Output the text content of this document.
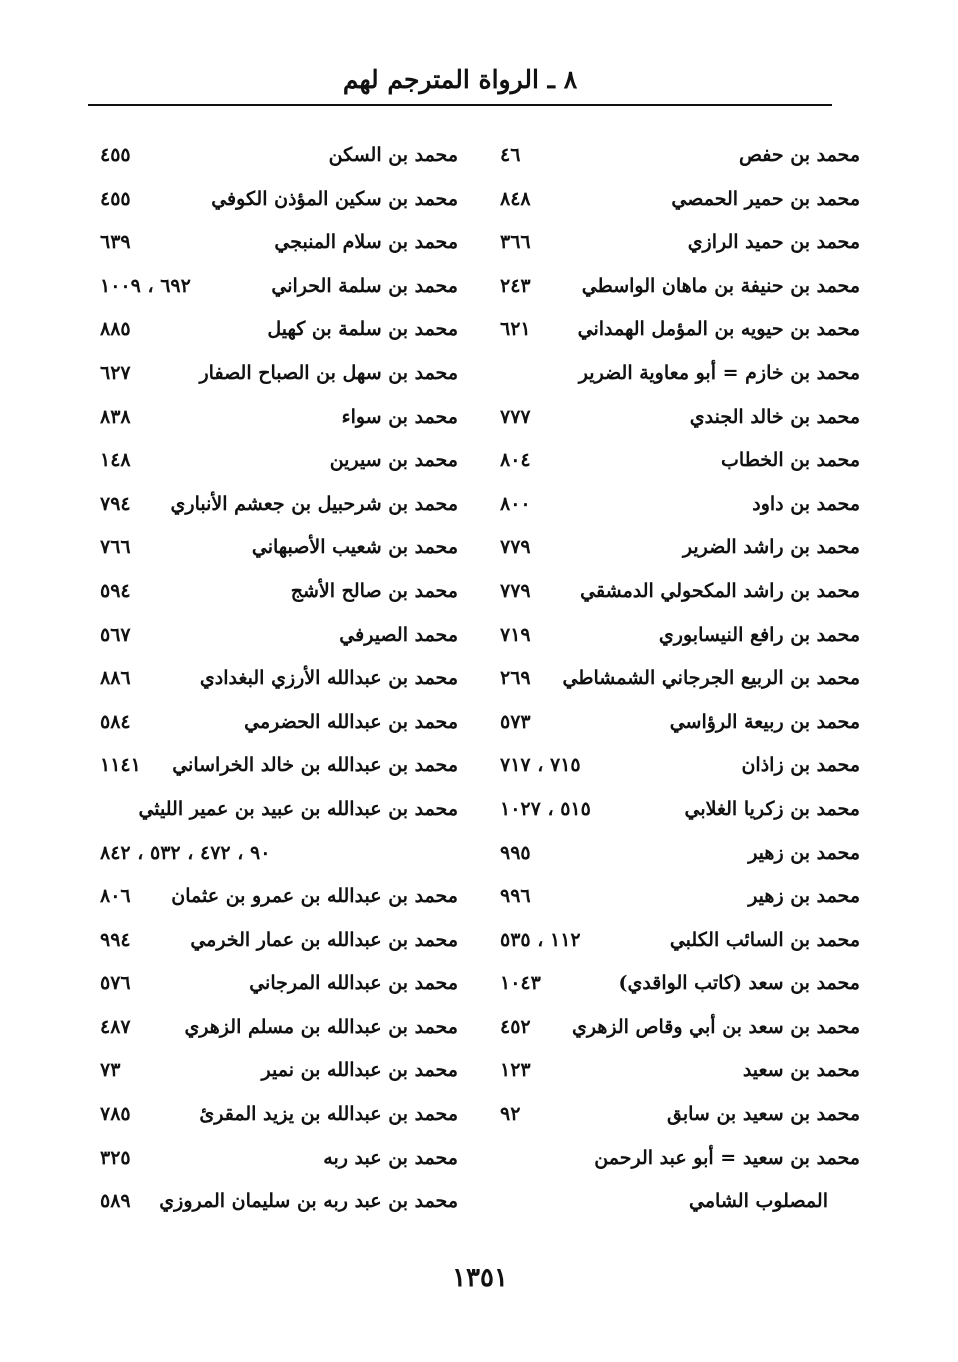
٨ ـ الرواة المترجم لهم
محمد بن حفص
٤٦
محمد بن حمير الحمصي
٨٤٨
محمد بن حميد الرازي
٣٦٦
محمد بن حنيفة بن ماهان الواسطي
٢٤٣
محمد بن حيويه بن المؤمل الهمداني
٦٢١
محمد بن خازم = أبو معاوية الضرير
محمد بن خالد الجندي
٧٧٧
محمد بن الخطاب
٨٠٤
محمد بن داود
٨٠٠
محمد بن راشد الضرير
٧٧٩
محمد بن راشد المكحولي الدمشقي
٧٧٩
محمد بن رافع النيسابوري
٧١٩
محمد بن الربيع الجرجاني الشمشاطي
٢٦٩
محمد بن ربيعة الرؤاسي
٥٧٣
محمد بن زاذان
٧١٥ ، ٧١٧
محمد بن زكريا الغلابي
٥١٥ ، ١٠٢٧
محمد بن زهير
٩٩٥
محمد بن زهير
٩٩٦
محمد بن السائب الكلبي
١١٢ ، ٥٣٥
محمد بن سعد (كاتب الواقدي)
١٠٤٣
محمد بن سعد بن أبي وقاص الزهري
٤٥٢
محمد بن سعيد
١٢٣
محمد بن سعيد بن سابق
٩٢
محمد بن سعيد = أبو عبد الرحمن
المصلوب الشامي
محمد بن السكن
٤٥٥
محمد بن سكين المؤذن الكوفي
٤٥٥
محمد بن سلام المنبجي
٦٣٩
محمد بن سلمة الحراني
٦٩٢ ، ١٠٠٩
محمد بن سلمة بن كهيل
٨٨٥
محمد بن سهل بن الصباح الصفار
٦٢٧
محمد بن سواء
٨٣٨
محمد بن سيرين
١٤٨
محمد بن شرحبيل بن جعشم الأنباري
٧٩٤
محمد بن شعيب الأصبهاني
٧٦٦
محمد بن صالح الأشج
٥٩٤
محمد الصيرفي
٥٦٧
محمد بن عبدالله الأرزي البغدادي
٨٨٦
محمد بن عبدالله الحضرمي
٥٨٤
محمد بن عبدالله بن خالد الخراساني
١١٤١
محمد بن عبدالله بن عبيد بن عمير الليثي
٩٠ ، ٤٧٢ ، ٥٣٢ ، ٨٤٢
محمد بن عبدالله بن عمرو بن عثمان
٨٠٦
محمد بن عبدالله بن عمار الخرمي
٩٩٤
محمد بن عبدالله المرجاني
٥٧٦
محمد بن عبدالله بن مسلم الزهري
٤٨٧
محمد بن عبدالله بن نمير
٧٣
محمد بن عبدالله بن يزيد المقرئ
٧٨٥
محمد بن عبد ربه
٣٢٥
محمد بن عبد ربه بن سليمان المروزي
٥٨٩
١٣٥١
